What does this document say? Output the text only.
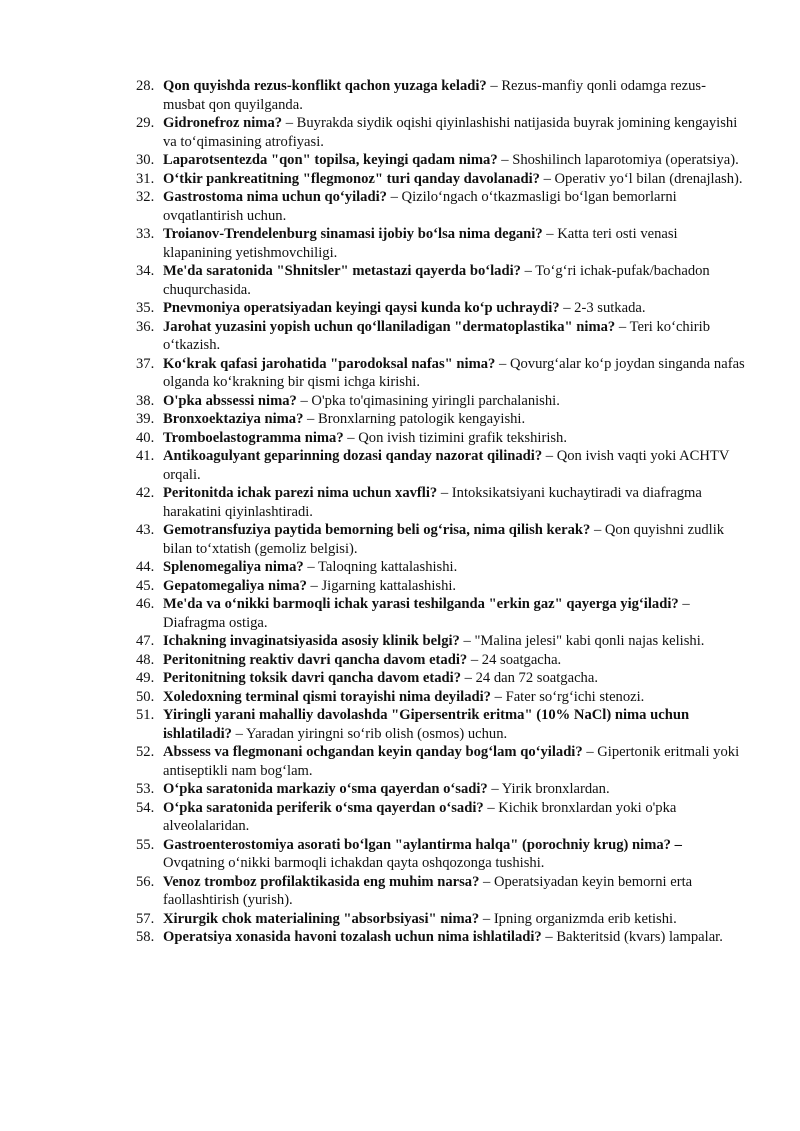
28. Qon quyishda rezus-konflikt qachon yuzaga keladi? – Rezus-manfiy qonli odamga rezus-musbat qon quyilganda.
29. Gidronefroz nima? – Buyrakda siydik oqishi qiyinlashishi natijasida buyrak jomining kengayishi va to‘qimasining atrofiyasi.
30. Laparotsentezda "qon" topilsa, keyingi qadam nima? – Shoshilinch laparotomiya (operatsiya).
31. O‘tkir pankreatitning "flegmonoz" turi qanday davolanadi? – Operativ yo‘l bilan (drenajlash).
32. Gastrostoma nima uchun qo‘yiladi? – Qizilo‘ngach o‘tkazmasligi bo‘lgan bemorlarni ovqatlantirish uchun.
33. Troianov-Trendelenburg sinamasi ijobiy bo‘lsa nima degani? – Katta teri osti venasi klapanining yetishmovchiligi.
34. Me'da saratonida "Shnitsler" metastazi qayerda bo‘ladi? – To‘g‘ri ichak-pufak/bachadon chuqurchasida.
35. Pnevmoniya operatsiyadan keyingi qaysi kunda ko‘p uchraydi? – 2-3 sutkada.
36. Jarohat yuzasini yopish uchun qo‘llaniladigan "dermatoplastika" nima? – Teri ko‘chirib o‘tkazish.
37. Ko‘krak qafasi jarohatida "parodoksal nafas" nima? – Qovurg‘alar ko‘p joydan singanda nafas olganda ko‘krakning bir qismi ichga kirishi.
38. O'pka abssessi nima? – O'pka to'qimasining yiringli parchalanishi.
39. Bronxoektaziya nima? – Bronxlarning patologik kengayishi.
40. Tromboelastogramma nima? – Qon ivish tizimini grafik tekshirish.
41. Antikoagulyant geparinning dozasi qanday nazorat qilinadi? – Qon ivish vaqti yoki ACHTV orqali.
42. Peritonitda ichak parezi nima uchun xavfli? – Intoksikatsiyani kuchaytiradi va diafragma harakatini qiyinlashtiradi.
43. Gemotransfuziya paytida bemorning beli og‘risa, nima qilish kerak? – Qon quyishni zudlik bilan to‘xtatish (gemoliz belgisi).
44. Splenomegaliya nima? – Taloqning kattalashishi.
45. Gepatomegaliya nima? – Jigarning kattalashishi.
46. Me'da va o‘nikki barmoqli ichak yarasi teshilganda "erkin gaz" qayerga yig‘iladi? – Diafragma ostiga.
47. Ichakning invaginatsiyasida asosiy klinik belgi? – "Malina jelesi" kabi qonli najas kelishi.
48. Peritonitning reaktiv davri qancha davom etadi? – 24 soatgacha.
49. Peritonitning toksik davri qancha davom etadi? – 24 dan 72 soatgacha.
50. Xoledoxning terminal qismi torayishi nima deyiladi? – Fater so‘rg‘ichi stenozi.
51. Yiringli yarani mahalliy davolashda "Gipersentrik eritma" (10% NaCl) nima uchun ishlatiladi? – Yaradan yiringni so‘rib olish (osmos) uchun.
52. Abssess va flegmonani ochgandan keyin qanday bog‘lam qo‘yiladi? – Gipertonik eritmali yoki antiseptikli nam bog‘lam.
53. O‘pka saratonida markaziy o‘sma qayerdan o‘sadi? – Yirik bronxlardan.
54. O‘pka saratonida periferik o‘sma qayerdan o‘sadi? – Kichik bronxlardan yoki o'pka alveolalaridan.
55. Gastroenterostomiya asorati bo‘lgan "aylantirma halqa" (porochniy krug) nima? – Ovqatning o‘nikki barmoqli ichakdan qayta oshqozonga tushishi.
56. Venoz tromboz profilaktikasida eng muhim narsa? – Operatsiyadan keyin bemorni erta faollashtirish (yurish).
57. Xirurgik chok materialining "absorbsiyasi" nima? – Ipning organizmda erib ketishi.
58. Operatsiya xonasida havoni tozalash uchun nima ishlatiladi? – Bakteritsid (kvars) lampalar.
